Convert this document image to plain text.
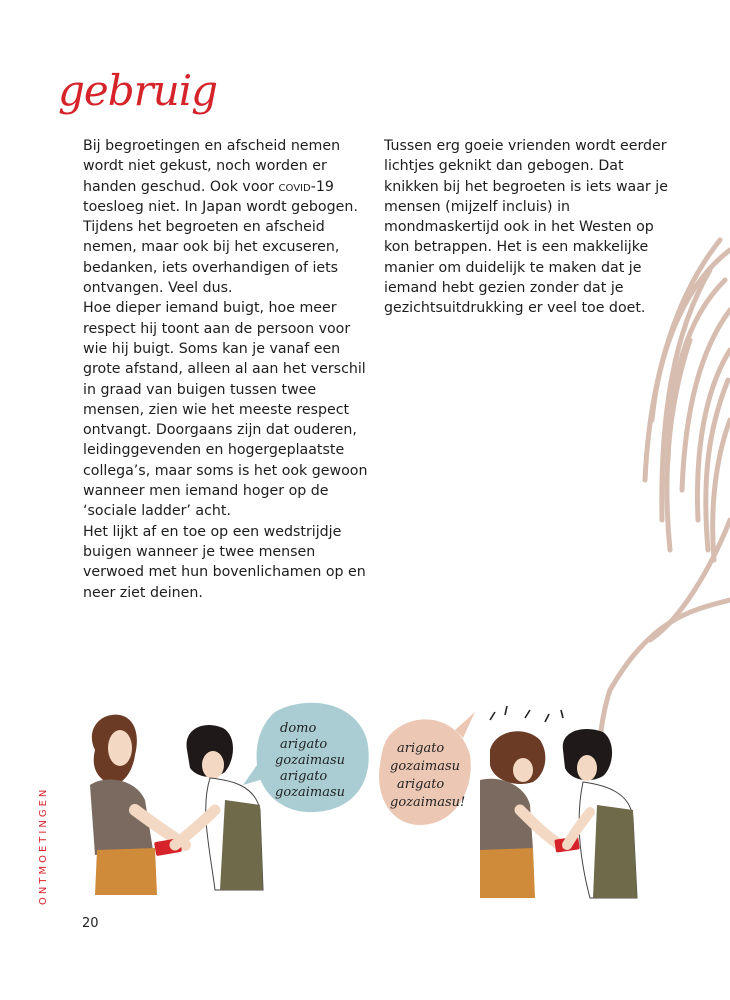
gebruig

Bij begroetingen en afscheid nemen wordt niet gekust, noch worden er handen geschud. Ook voor covid-19 toesloeg niet. In Japan wordt gebogen. Tijdens het begroeten en afscheid nemen, maar ook bij het excuseren, bedanken, iets overhandigen of iets ontvangen. Veel dus.

Hoe dieper iemand buigt, hoe meer respect hij toont aan de persoon voor wie hij buigt. Soms kan je vanaf een grote afstand, alleen al aan het verschil in graad van buigen tussen twee mensen, zien wie het meeste respect ontvangt. Doorgaans zijn dat ouderen, leidinggevenden en hogergeplaatste collega’s, maar soms is het ook gewoon wanneer men iemand hoger op de ‘sociale ladder’ acht.

Het lijkt af en toe op een wedstrijdje buigen wanneer je twee mensen verwoed met hun bovenlichamen op en neer ziet deinen.

Tussen erg goeie vrienden wordt eerder lichtjes geknikt dan gebogen. Dat knikken bij het begroeten is iets waar je mensen (mijzelf incluis) in mondmaskertijd ook in het Westen op kon betrappen. Het is een makkelijke manier om duidelijk te maken dat je iemand hebt gezien zonder dat je gezichtsuitdrukking er veel toe doet.

domo
arigato
gozaimasu
arigato
gozaimasu
arigato
gozaimasu
arigato
gozaimasu!
ONTMOETINGEN
20
